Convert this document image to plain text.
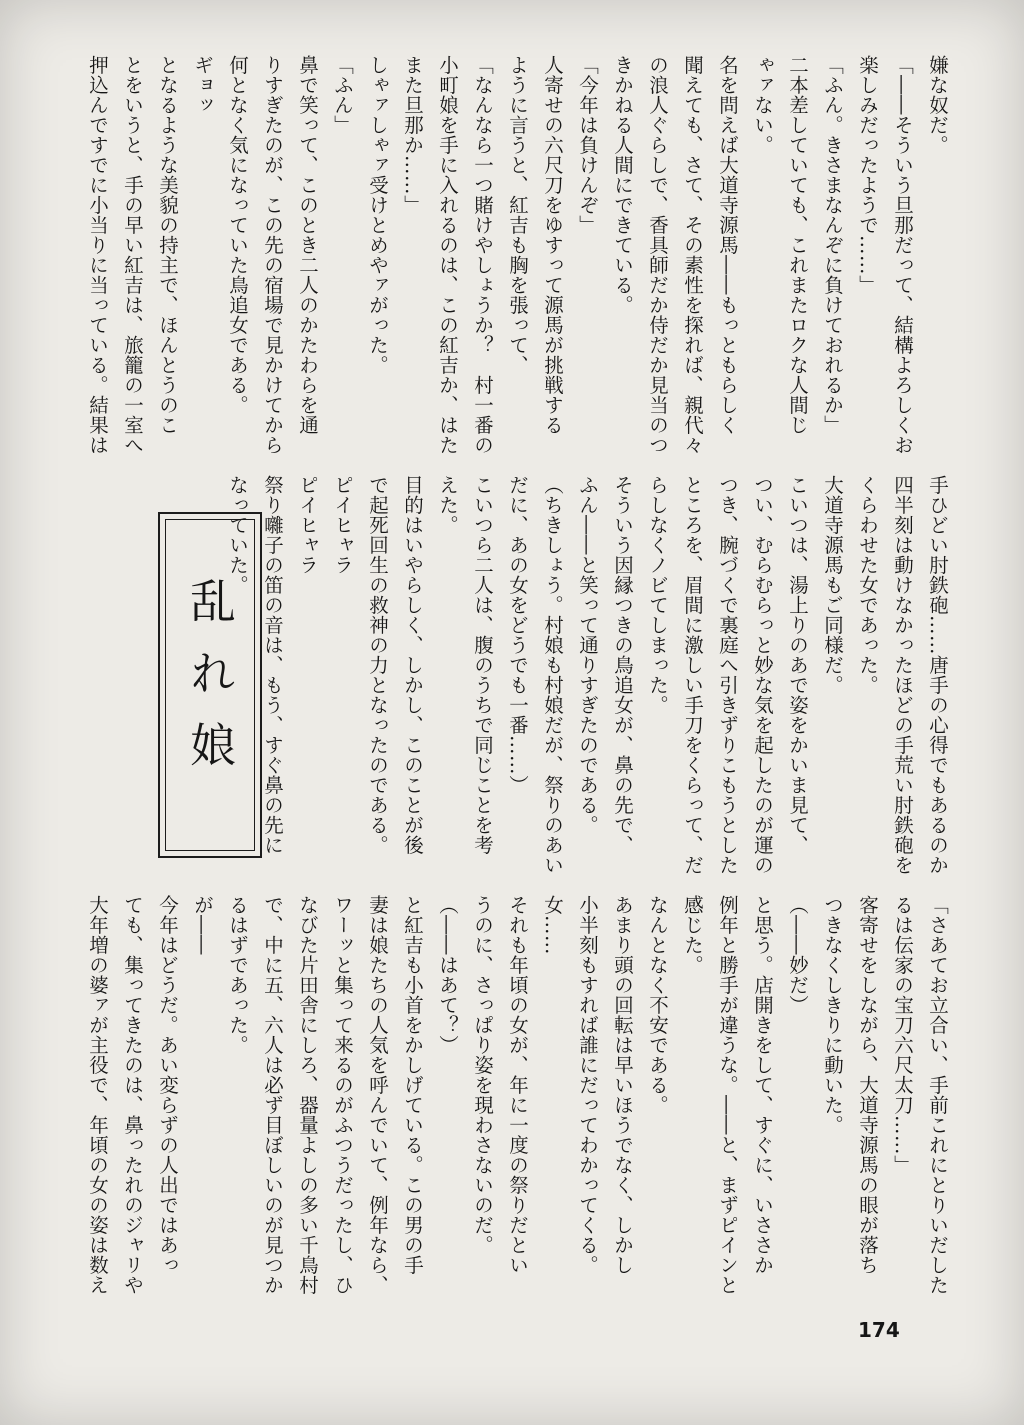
嫌な奴だ。

「――そういう旦那だって、結構よろしくお

楽しみだったようで……」

「ふん。きさまなんぞに負けておれるか」

二本差していても、これまたロクな人間じ

ゃァない。

名を問えば大道寺源馬――もっともらしく

聞えても、さて、その素性を探れば、親代々

の浪人ぐらしで、香具師だか侍だか見当のつ

きかねる人間にできている。

「今年は負けんぞ」

人寄せの六尺刀をゆすって源馬が挑戦する

ように言うと、紅吉も胸を張って、

「なんなら一つ賭けやしょうか？　村一番の

小町娘を手に入れるのは、この紅吉か、はた

また旦那か……」

しゃァしゃァ受けとめやァがった。

「ふん」

鼻で笑って、このとき二人のかたわらを通

りすぎたのが、この先の宿場で見かけてから

何となく気になっていた鳥追女である。

ギョッ

となるような美貌の持主で、ほんとうのこ

とをいうと、手の早い紅吉は、旅籠の一室へ

押込んですでに小当りに当っている。結果は

乱れ娘	手ひどい肘鉄砲……唐手の心得でもあるのか

四半刻は動けなかったほどの手荒い肘鉄砲を

くらわせた女であった。

大道寺源馬もご同様だ。

こいつは、湯上りのあで姿をかいま見て、

つい、むらむらっと妙な気を起したのが運の

つき、腕づくで裏庭へ引きずりこもうとした

ところを、眉間に激しい手刀をくらって、だ

らしなくノビてしまった。

そういう因縁つきの鳥追女が、鼻の先で、

ふん――と笑って通りすぎたのである。

（ちきしょう。村娘も村娘だが、祭りのあい

だに、あの女をどうでも一番……）

こいつら二人は、腹のうちで同じことを考

えた。

目的はいやらしく、しかし、このことが後

で起死回生の救神の力となったのである。

ピイヒャラ

ピイヒャラ

祭り囃子の笛の音は、もう、すぐ鼻の先に

なっていた。

「さあてお立合い、手前これにとりいだした

るは伝家の宝刀六尺太刀……」

客寄せをしながら、大道寺源馬の眼が落ち

つきなくしきりに動いた。

（――妙だ）

と思う。店開きをして、すぐに、いささか

例年と勝手が違うな。――と、まずピインと

感じた。

なんとなく不安である。

あまり頭の回転は早いほうでなく、しかし

小半刻もすれば誰にだってわかってくる。

女……

それも年頃の女が、年に一度の祭りだとい

うのに、さっぱり姿を現わさないのだ。

（――はあて？）

と紅吉も小首をかしげている。この男の手

妻は娘たちの人気を呼んでいて、例年なら、

ワーッと集って来るのがふつうだったし、ひ

なびた片田舎にしろ、器量よしの多い千鳥村

で、中に五、六人は必ず目ぼしいのが見つか

るはずであった。

が――

今年はどうだ。あい変らずの人出ではあっ

ても、集ってきたのは、鼻ったれのジャリや

大年増の婆ァが主役で、年頃の女の姿は数え

174
